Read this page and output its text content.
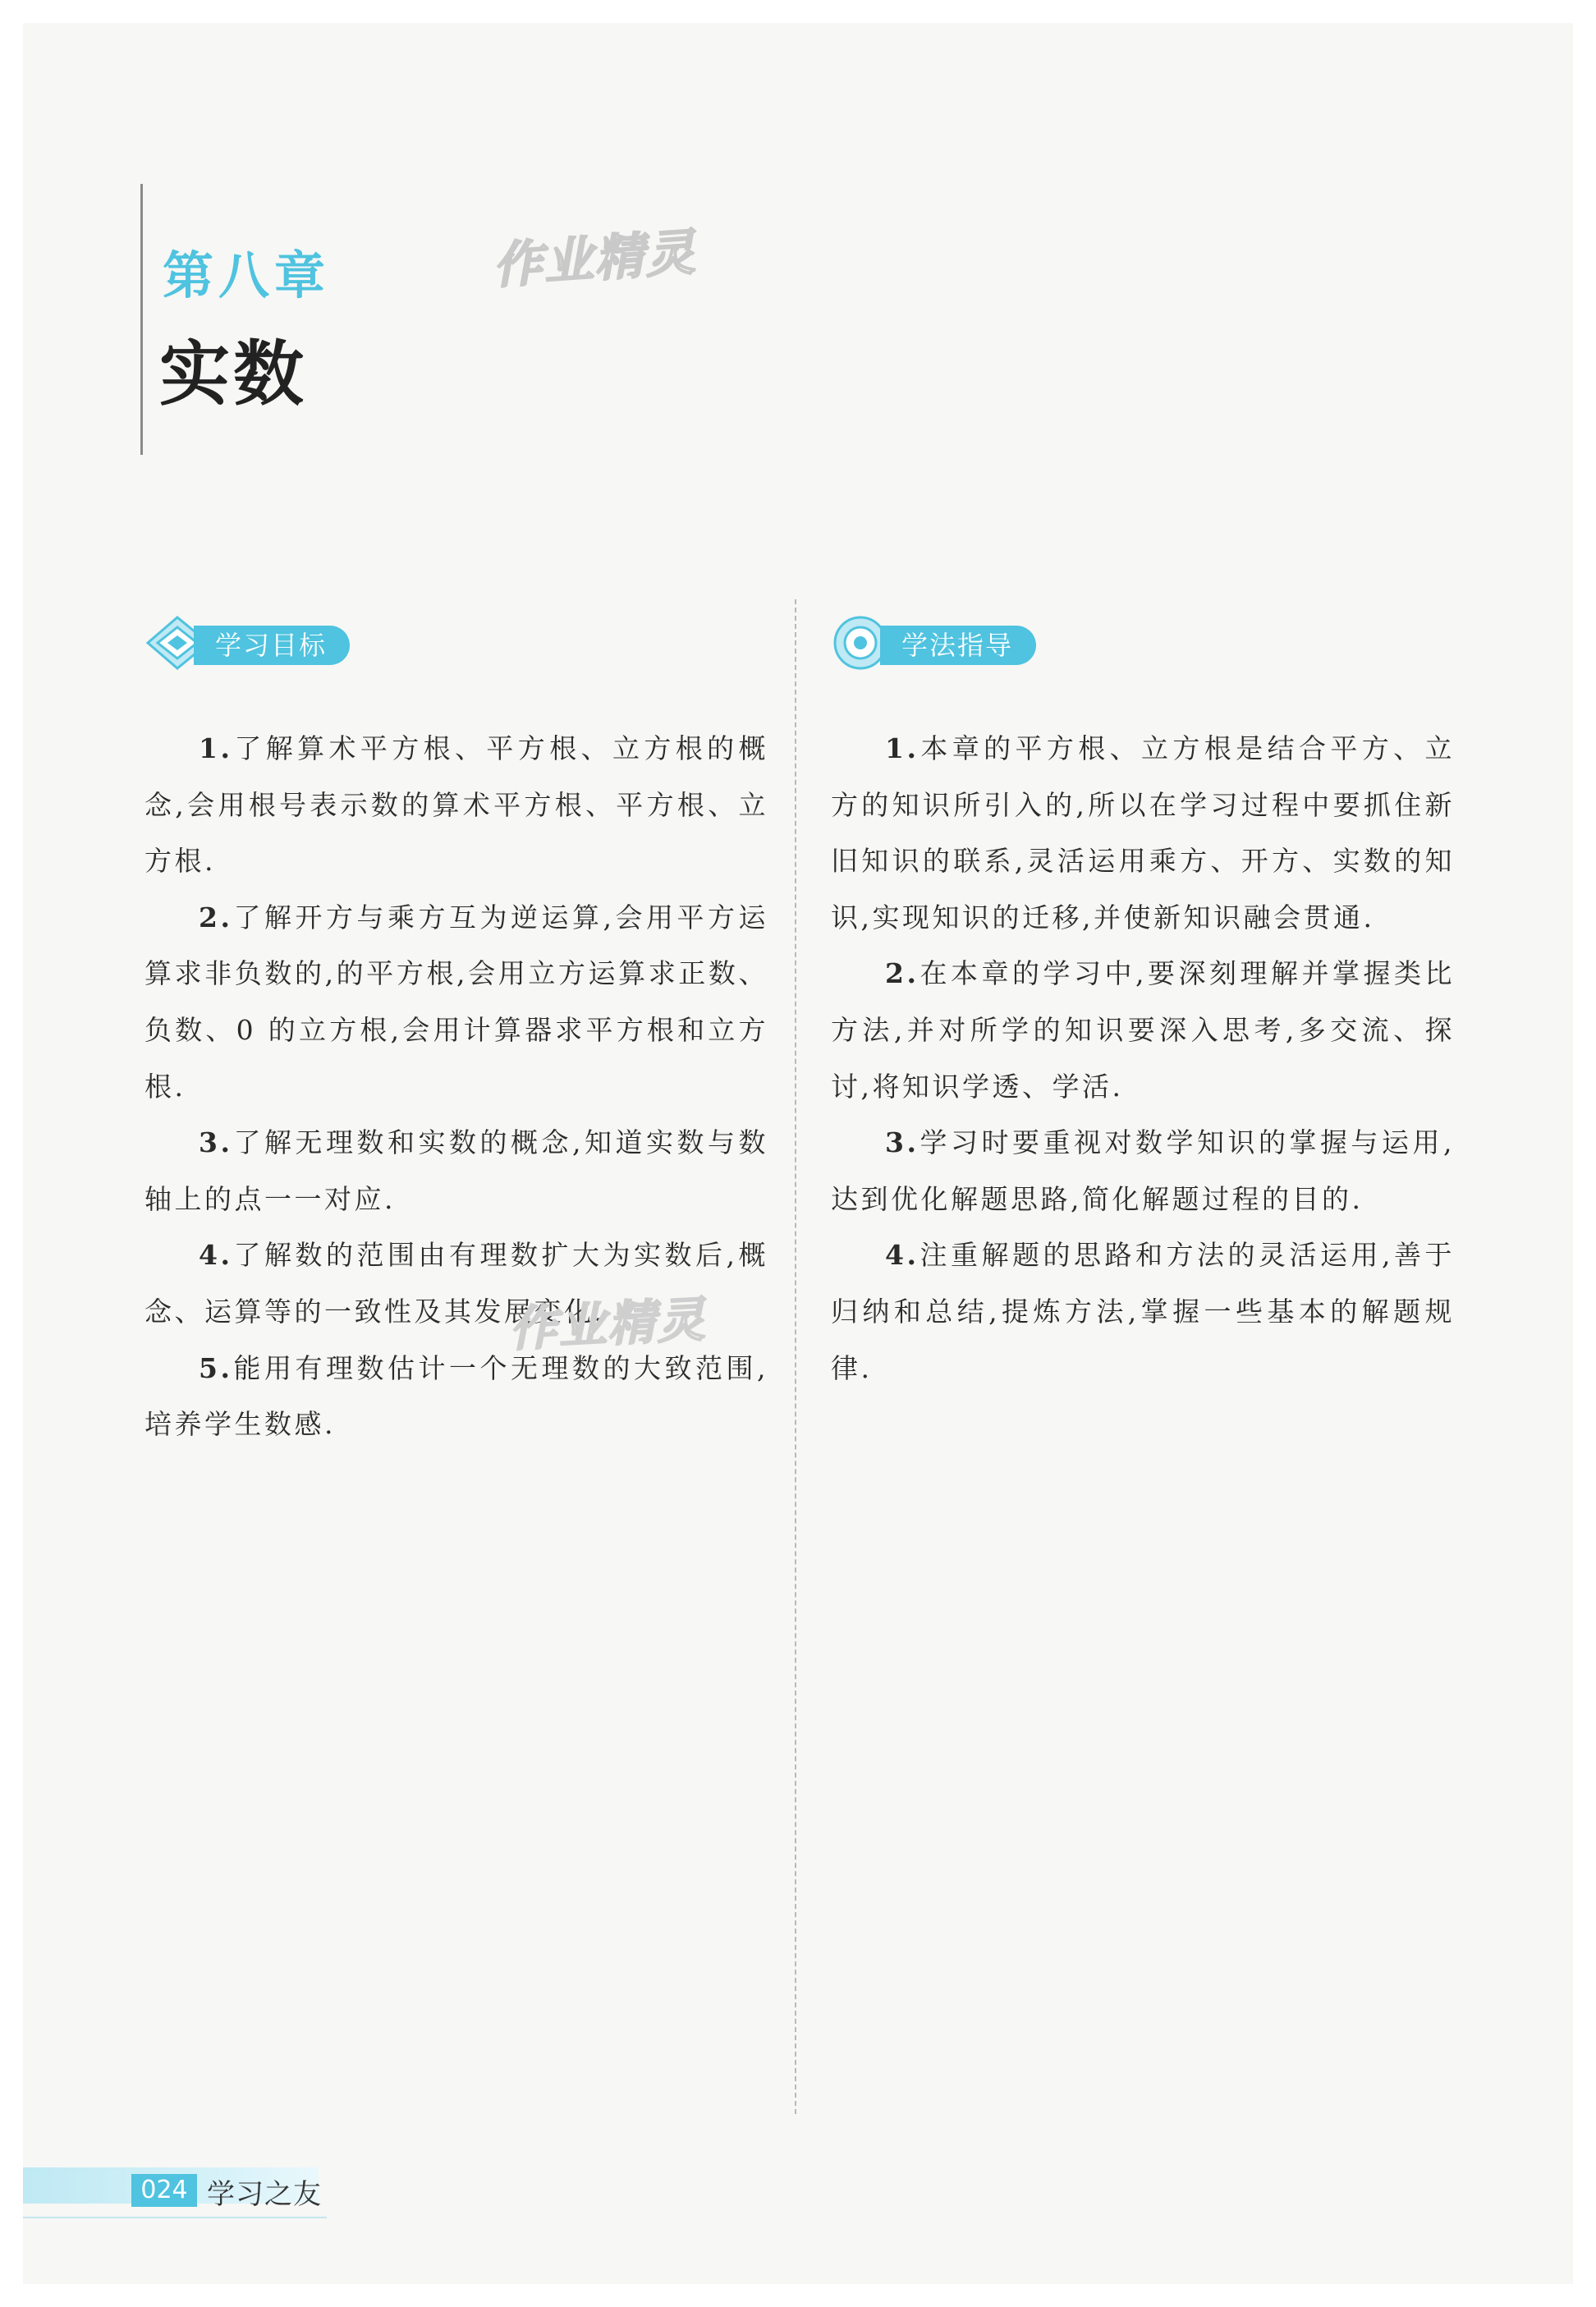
第八章
实数
作业精灵
学习目标

1.了解算术平方根、平方根、立方根的概念,会用根号表示数的算术平方根、平方根、立方根.

2.了解开方与乘方互为逆运算,会用平方运算求非负数的,的平方根,会用立方运算求正数、负数、0 的立方根,会用计算器求平方根和立方根.

3.了解无理数和实数的概念,知道实数与数轴上的点一一对应.

4.了解数的范围由有理数扩大为实数后,概念、运算等的一致性及其发展变化.

5.能用有理数估计一个无理数的大致范围,培养学生数感.

作业精灵
学法指导

1.本章的平方根、立方根是结合平方、立方的知识所引入的,所以在学习过程中要抓住新旧知识的联系,灵活运用乘方、开方、实数的知识,实现知识的迁移,并使新知识融会贯通.

2.在本章的学习中,要深刻理解并掌握类比方法,并对所学的知识要深入思考,多交流、探讨,将知识学透、学活.

3.学习时要重视对数学知识的掌握与运用,达到优化解题思路,简化解题过程的目的.

4.注重解题的思路和方法的灵活运用,善于归纳和总结,提炼方法,掌握一些基本的解题规律.

024 学习之友
